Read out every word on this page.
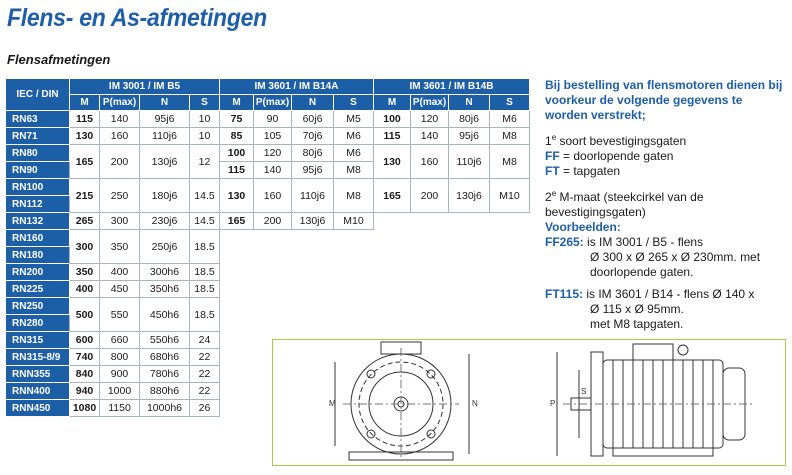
Flens- en As-afmetingen
Flensafmetingen
IEC / DIN	IM 3001 / IM B5				IM 3601 / IM B14A				IM 3601 / IM B14B			
	M	P(max)	N	S	M	P(max)	N	S	M	P(max)	N	S
RN63	115	140	95j6	10	75	90	60j6	M5	100	120	80j6	M6
RN71	130	160	110j6	10	85	105	70j6	M6	115	140	95j6	M8
RN80	165	200	130j6	12	100	120	80j6	M6	130	160	110j6	M8
RN90					115	140	95j6	M8				
RN100	215	250	180j6	14.5	130	160	110j6	M8	165	200	130j6	M10
RN112												
RN132	265	300	230j6	14.5	165	200	130j6	M10				
RN160	300	350	250j6	18.5								
RN180												
RN200	350	400	300h6	18.5								
RN225	400	450	350h6	18.5								
RN250	500	550	450h6	18.5								
RN280												
RN315	600	660	550h6	24								
RN315-8/9	740	800	680h6	22								
RNN355	840	900	780h6	22								
RNN400	940	1000	880h6	22								
RNN450	1080	1150	1000h6	26								
Bij bestelling van flensmotoren dienen bij voorkeur de volgende gegevens te worden verstrekt;
1e soort bevestigingsgaten
FF = doorlopende gaten
FT = tapgaten
2e M-maat (steekcirkel van de bevestigingsgaten)
Voorbeelden:
FF265: is IM 3001 / B5 - flens
Ø 300 x Ø 265 x Ø 230mm. met
doorlopende gaten.
FT115: is IM 3601 / B14 - flens Ø 140 x
Ø 115 x Ø 95mm.
met M8 tapgaten.
M	N	P
S
